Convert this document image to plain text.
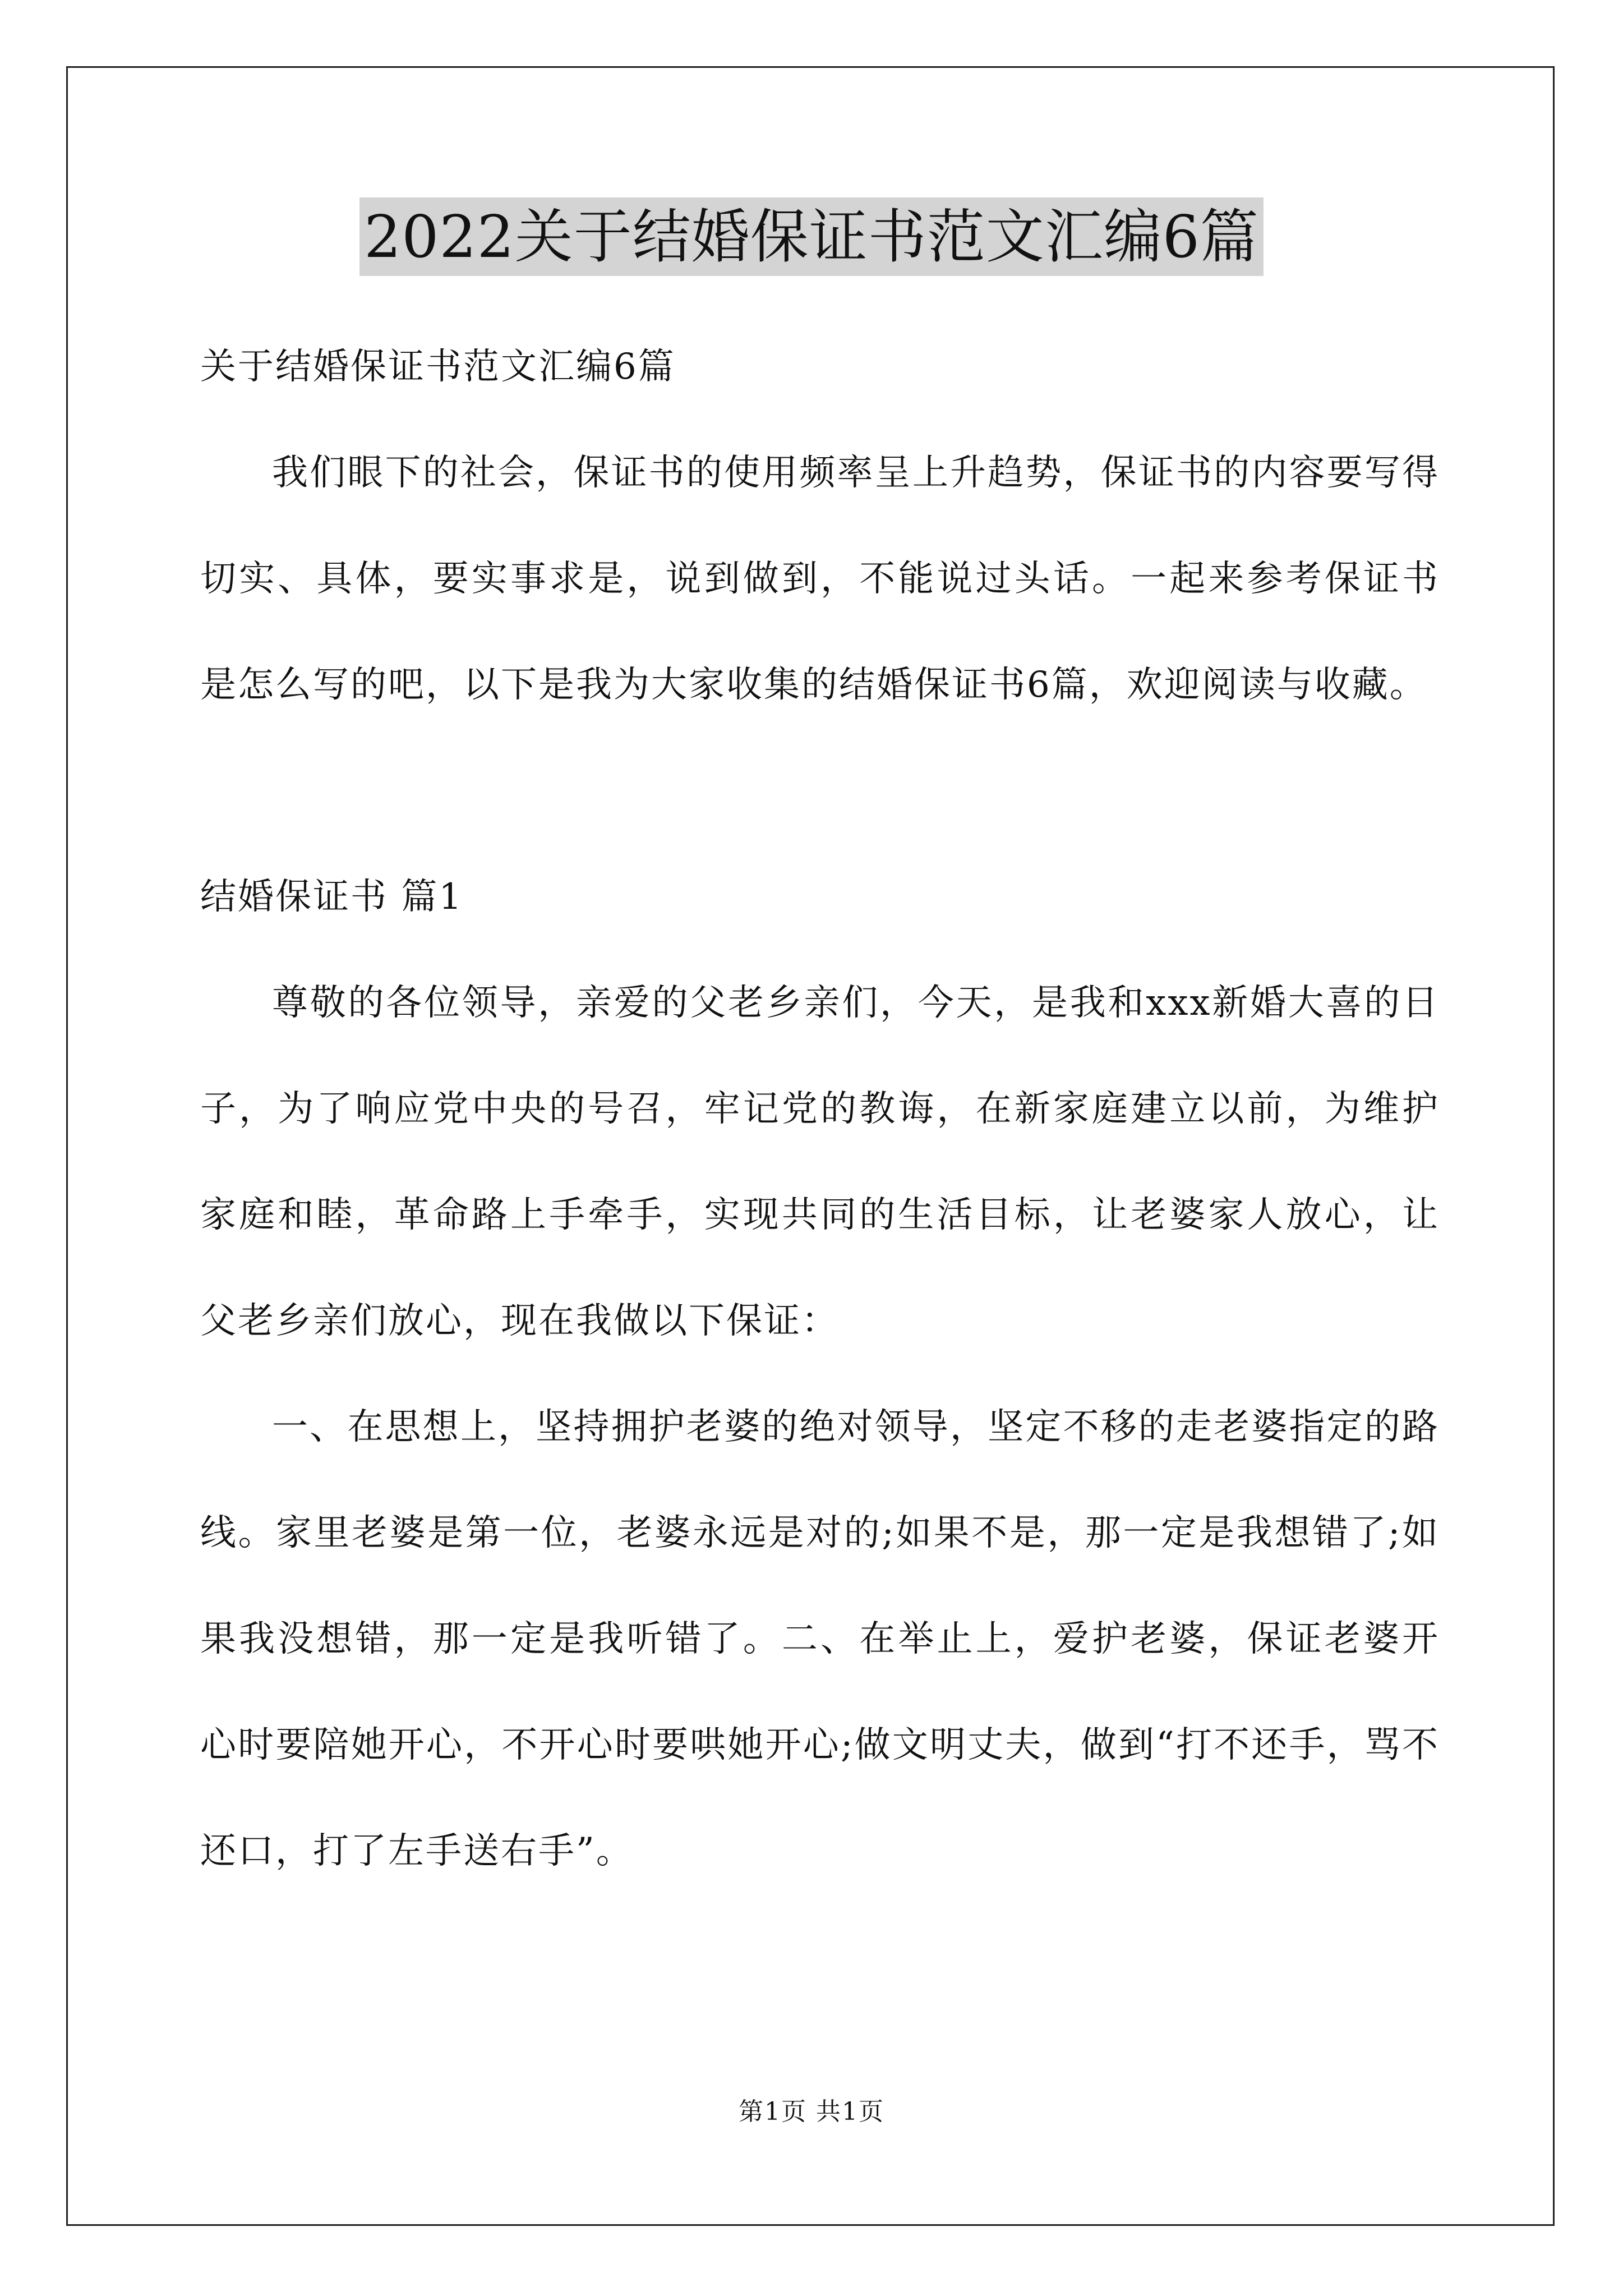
2022关于结婚保证书范文汇编6篇

关于结婚保证书范文汇编6篇

我们眼下的社会，保证书的使用频率呈上升趋势，保证书的内容要写得切实、具体，要实事求是，说到做到，不能说过头话。一起来参考保证书是怎么写的吧，以下是我为大家收集的结婚保证书6篇，欢迎阅读与收藏。

结婚保证书 篇1

尊敬的各位领导，亲爱的父老乡亲们，今天，是我和xxx新婚大喜的日子，为了响应党中央的号召，牢记党的教诲，在新家庭建立以前，为维护家庭和睦，革命路上手牵手，实现共同的生活目标，让老婆家人放心，让父老乡亲们放心，现在我做以下保证：

一、在思想上，坚持拥护老婆的绝对领导，坚定不移的走老婆指定的路线。家里老婆是第一位，老婆永远是对的;如果不是，那一定是我想错了;如果我没想错，那一定是我听错了。二、在举止上，爱护老婆，保证老婆开心时要陪她开心，不开心时要哄她开心;做文明丈夫，做到“打不还手，骂不还口，打了左手送右手”。

第1页 共1页
